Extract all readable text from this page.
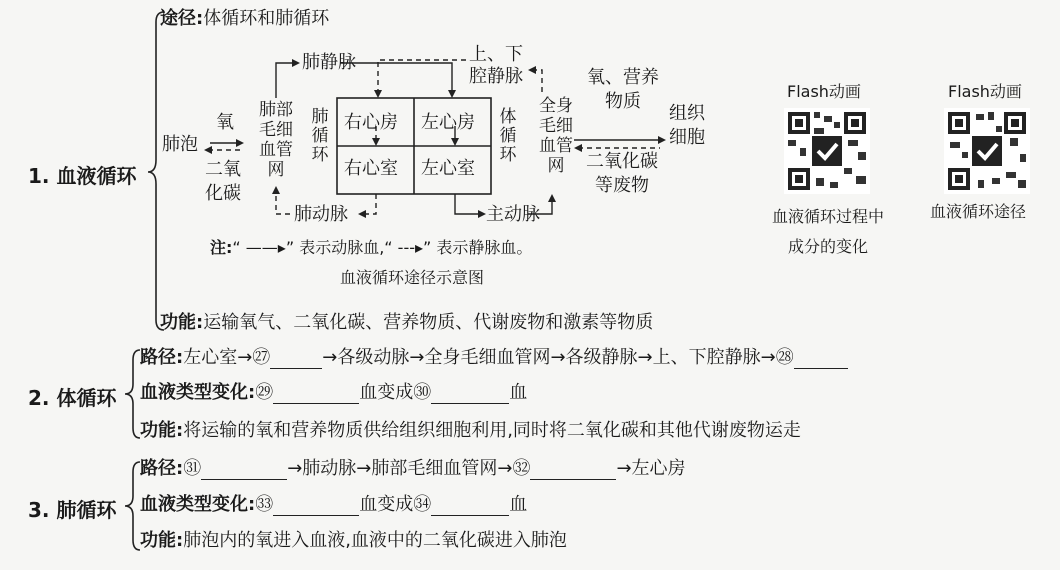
1. 血液循环
途径:体循环和肺循环
肺泡
氧
二氧化碳
肺部毛细血管网
肺循环
右心房 左心房
右心室 左心室
体循环
全身毛细血管网
肺静脉
肺动脉
上、下腔静脉
主动脉
氧、营养物质
组织细胞
二氧化碳等废物
注:“ ——▸” 表示动脉血,“ ---▸” 表示静脉血。
血液循环途径示意图
功能:运输氧气、二氧化碳、营养物质、代谢废物和激素等物质
Flash动画
血液循环过程中成分的变化
Flash动画
血液循环途径
2. 体循环
路径:左心室→㉗	→各级动脉→全身毛细血管网→各级静脉→上、下腔静脉→㉘
血液类型变化:㉙	血变成㉚	血
功能:将运输的氧和营养物质供给组织细胞利用,同时将二氧化碳和其他代谢废物运走
3. 肺循环
路径:㉛	→肺动脉→肺部毛细血管网→㉜	→左心房
血液类型变化:㉝	血变成㉞	血
功能:肺泡内的氧进入血液,血液中的二氧化碳进入肺泡
